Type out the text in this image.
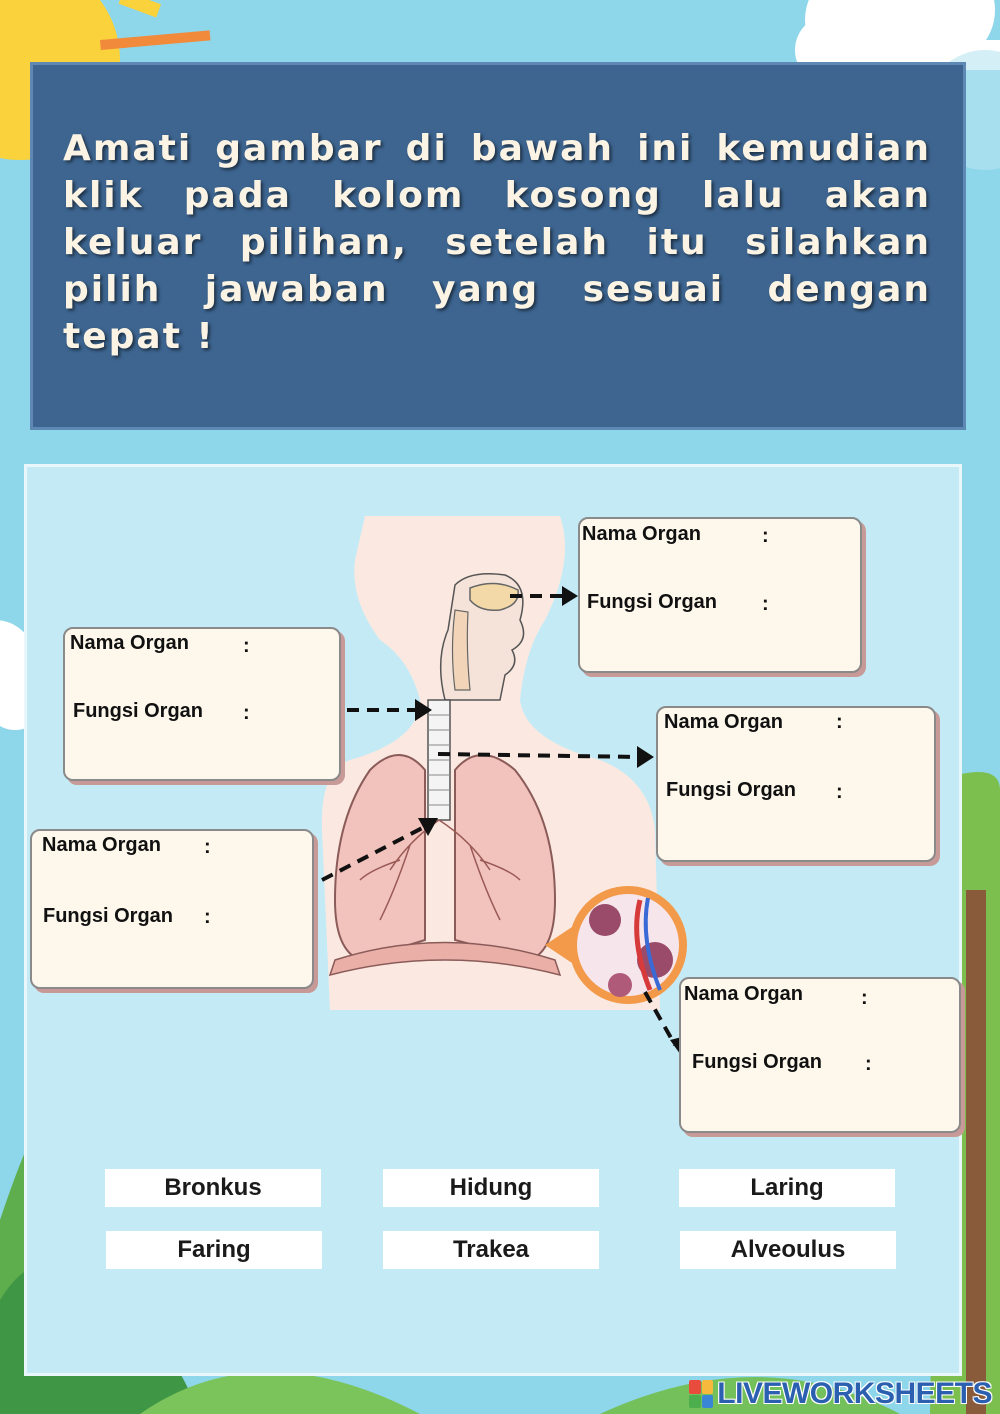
Amati gambar di bawah ini kemudian klik pada kolom kosong lalu akan keluar pilihan, setelah itu silahkan pilih jawaban yang sesuai dengan tepat !
Nama Organ	:
Fungsi Organ :
Nama Organ	:
Fungsi Organ :	Nama Organ	:
Fungsi Organ :
Nama Organ :
Fungsi Organ :
Nama Organ	:
Fungsi Organ :
Bronkus	Hidung	Laring
Faring	Trakea	Alveoulus
LIVEWORKSHEETS
